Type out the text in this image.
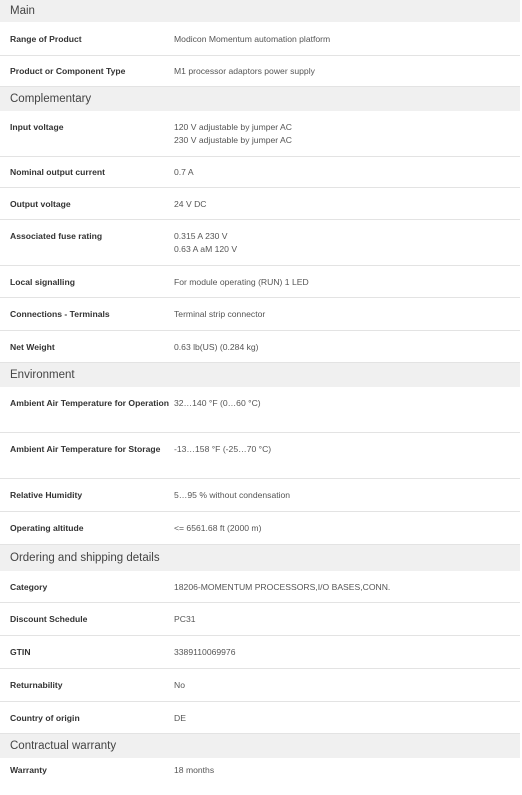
Main
Range of Product	Modicon Momentum automation platform
Product or Component Type	M1 processor adaptors power supply
Complementary
Input voltage	120 V adjustable by jumper AC
230 V adjustable by jumper AC
Nominal output current	0.7 A
Output voltage	24 V DC
Associated fuse rating	0.315 A 230 V
0.63 A aM 120 V
Local signalling	For module operating (RUN) 1 LED
Connections - Terminals	Terminal strip connector
Net Weight	0.63 lb(US) (0.284 kg)
Environment
Ambient Air Temperature for Operation 32…140 °F (0…60 °C)
Ambient Air Temperature for Storage	-13…158 °F (-25…70 °C)
Relative Humidity	5…95 % without condensation
Operating altitude	<= 6561.68 ft (2000 m)
Ordering and shipping details
Category	18206-MOMENTUM PROCESSORS,I/O BASES,CONN.
Discount Schedule	PC31
GTIN	3389110069976
Returnability	No
Country of origin	DE
Contractual warranty
Warranty	18 months
